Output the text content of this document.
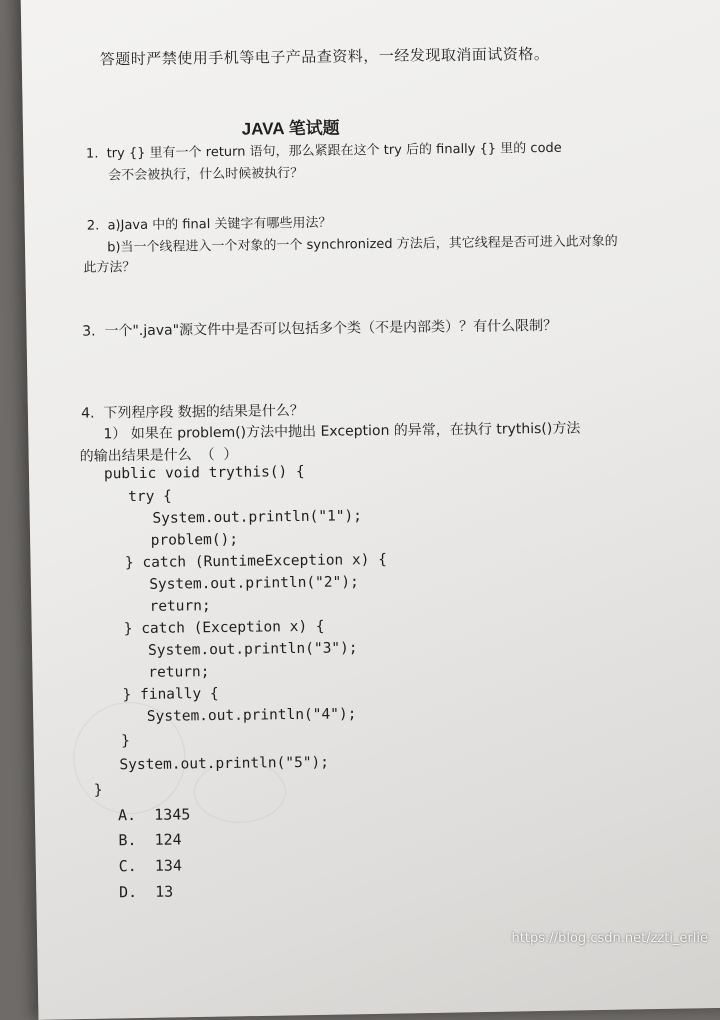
答题时严禁使用手机等电子产品查资料，一经发现取消面试资格。
JAVA 笔试题
1.  try {} 里有一个 return 语句，那么紧跟在这个 try 后的 finally {} 里的 code
会不会被执行，什么时候被执行？
2.  a)Java 中的 final 关键字有哪些用法？
b)当一个线程进入一个对象的一个 synchronized 方法后，其它线程是否可进入此对象的
此方法？
3.  一个".java"源文件中是否可以包括多个类（不是内部类）？有什么限制？
4.  下列程序段 数据的结果是什么？
1） 如果在 problem()方法中抛出 Exception 的异常，在执行 trythis()方法
的输出结果是什么  （  ）
public void trythis() {
try {
System.out.println("1");
problem();
} catch (RuntimeException x) {
System.out.println("2");
return;
} catch (Exception x) {
System.out.println("3");
return;
} finally {
System.out.println("4");
}
System.out.println("5");
}
A.  1345
B.  124
C.  134
D.  13
https://blog.csdn.net/zzti_erlie
